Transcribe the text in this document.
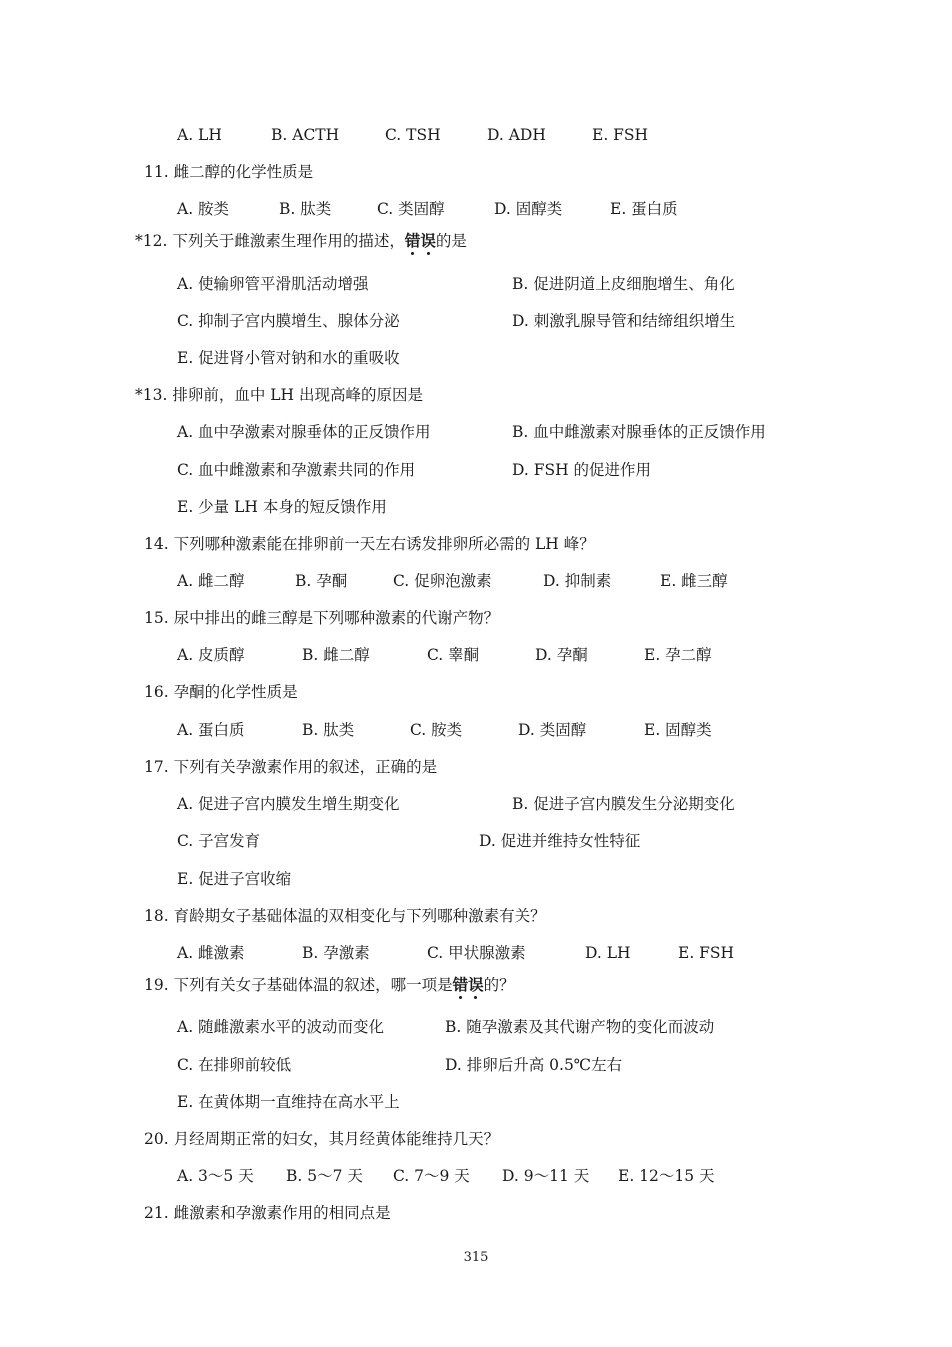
A. LH	B. ACTH	C. TSH	D. ADH	E. FSH
11. 雌二醇的化学性质是
A. 胺类	B. 肽类	C. 类固醇	D. 固醇类	E. 蛋白质
*12. 下列关于雌激素生理作用的描述，错误的是
A. 使输卵管平滑肌活动增强	B. 促进阴道上皮细胞增生、角化
C. 抑制子宫内膜增生、腺体分泌	D. 刺激乳腺导管和结缔组织增生
E. 促进肾小管对钠和水的重吸收
*13. 排卵前，血中 LH 出现高峰的原因是
A. 血中孕激素对腺垂体的正反馈作用	B. 血中雌激素对腺垂体的正反馈作用
C. 血中雌激素和孕激素共同的作用	D. FSH 的促进作用
E. 少量 LH 本身的短反馈作用
14. 下列哪种激素能在排卵前一天左右诱发排卵所必需的 LH 峰？
A. 雌二醇	B. 孕酮	C. 促卵泡激素	D. 抑制素	E. 雌三醇
15. 尿中排出的雌三醇是下列哪种激素的代谢产物？
A. 皮质醇	B. 雌二醇	C. 睾酮	D. 孕酮	E. 孕二醇
16. 孕酮的化学性质是
A. 蛋白质	B. 肽类	C. 胺类	D. 类固醇	E. 固醇类
17. 下列有关孕激素作用的叙述，正确的是
A. 促进子宫内膜发生增生期变化	B. 促进子宫内膜发生分泌期变化
C. 子宫发育	D. 促进并维持女性特征
E. 促进子宫收缩
18. 育龄期女子基础体温的双相变化与下列哪种激素有关？
A. 雌激素	B. 孕激素	C. 甲状腺激素	D. LH	E. FSH
19. 下列有关女子基础体温的叙述，哪一项是错误的？
A. 随雌激素水平的波动而变化	B. 随孕激素及其代谢产物的变化而波动
C. 在排卵前较低	D. 排卵后升高 0.5℃左右
E. 在黄体期一直维持在高水平上
20. 月经周期正常的妇女，其月经黄体能维持几天？
A. 3～5 天 B. 5～7 天 C. 7～9 天 D. 9～11 天 E. 12～15 天
21. 雌激素和孕激素作用的相同点是
315
